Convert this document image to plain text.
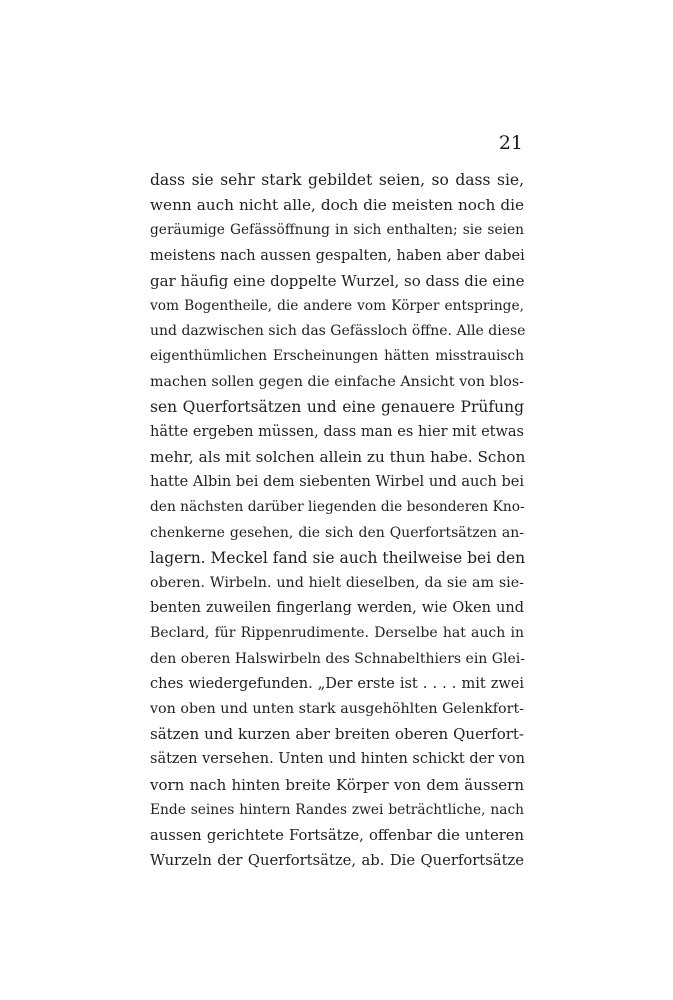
21
dass sie sehr stark gebildet seien, so dass sie,
wenn auch nicht alle, doch die meisten noch die
geräumige Gefässöffnung in sich enthalten; sie seien
meistens nach aussen gespalten, haben aber dabei
gar häufig eine doppelte Wurzel, so dass die eine
vom Bogentheile, die andere vom Körper entspringe,
und dazwischen sich das Gefässloch öffne. Alle diese
eigenthümlichen Erscheinungen hätten misstrauisch
machen sollen gegen die einfache Ansicht von blos-
sen Querfortsätzen und eine genauere Prüfung
hätte ergeben müssen, dass man es hier mit etwas
mehr, als mit solchen allein zu thun habe. Schon
hatte Albin bei dem siebenten Wirbel und auch bei
den nächsten darüber liegenden die besonderen Kno-
chenkerne gesehen, die sich den Querfortsätzen an-
lagern. Meckel fand sie auch theilweise bei den
oberen. Wirbeln. und hielt dieselben, da sie am sie-
benten zuweilen fingerlang werden, wie Oken und
Beclard, für Rippenrudimente. Derselbe hat auch in
den oberen Halswirbeln des Schnabelthiers ein Glei-
ches wiedergefunden. „Der erste ist . . . . mit zwei
von oben und unten stark ausgehöhlten Gelenkfort-
sätzen und kurzen aber breiten oberen Querfort-
sätzen versehen. Unten und hinten schickt der von
vorn nach hinten breite Körper von dem äussern
Ende seines hintern Randes zwei beträchtliche, nach
aussen gerichtete Fortsätze, offenbar die unteren
Wurzeln der Querfortsätze, ab. Die Querfortsätze
